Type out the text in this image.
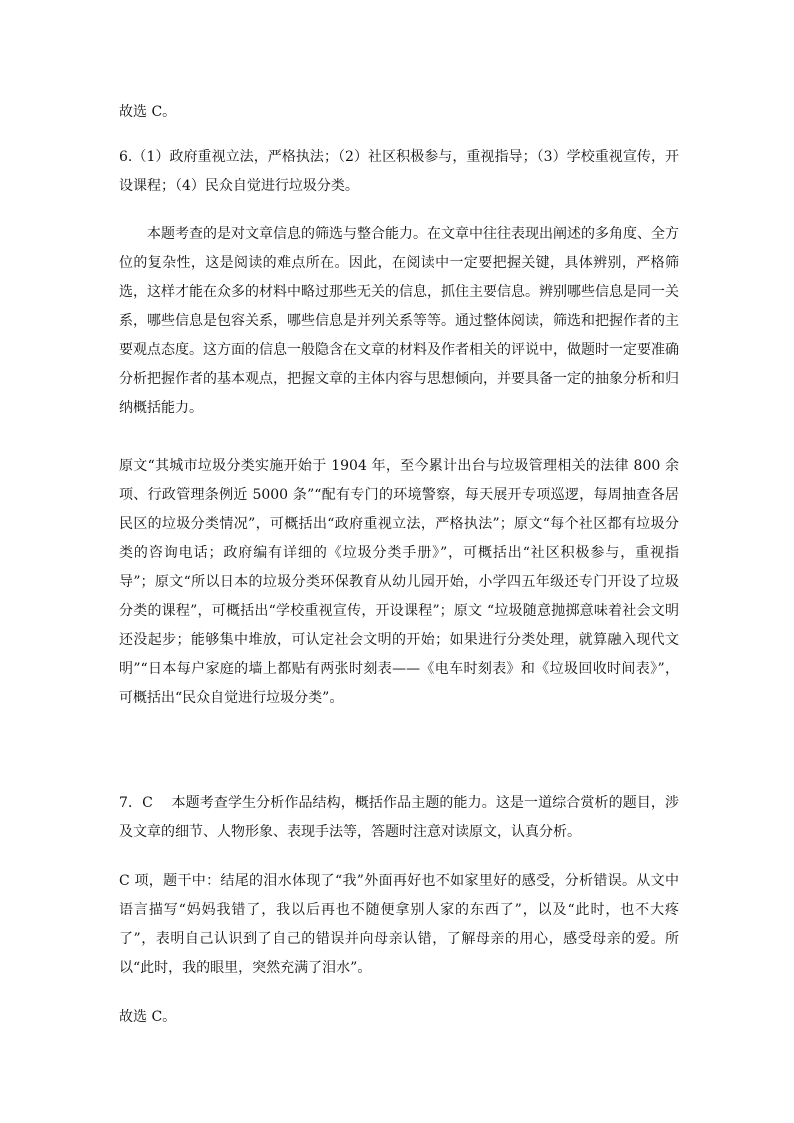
故选 C。

6.（1）政府重视立法，严格执法；（2）社区积极参与，重视指导；（3）学校重视宣传，开设课程；（4）民众自觉进行垃圾分类。

本题考查的是对文章信息的筛选与整合能力。在文章中往往表现出阐述的多角度、全方位的复杂性，这是阅读的难点所在。因此，在阅读中一定要把握关键，具体辨别，严格筛选，这样才能在众多的材料中略过那些无关的信息，抓住主要信息。辨别哪些信息是同一关系，哪些信息是包容关系，哪些信息是并列关系等等。通过整体阅读，筛选和把握作者的主要观点态度。这方面的信息一般隐含在文章的材料及作者相关的评说中，做题时一定要准确分析把握作者的基本观点，把握文章的主体内容与思想倾向，并要具备一定的抽象分析和归纳概括能力。

原文“其城市垃圾分类实施开始于 1904 年，至今累计出台与垃圾管理相关的法律 800 余项、行政管理条例近 5000 条”“配有专门的环境警察，每天展开专项巡逻，每周抽查各居民区的垃圾分类情况”，可概括出“政府重视立法，严格执法”；原文“每个社区都有垃圾分类的咨询电话；政府编有详细的《垃圾分类手册》”，可概括出“社区积极参与，重视指导”；原文“所以日本的垃圾分类环保教育从幼儿园开始，小学四五年级还专门开设了垃圾分类的课程”，可概括出“学校重视宣传，开设课程”；原文 “垃圾随意抛掷意味着社会文明还没起步；能够集中堆放，可认定社会文明的开始；如果进行分类处理，就算融入现代文明”“日本每户家庭的墙上都贴有两张时刻表——《电车时刻表》和《垃圾回收时间表》”，可概括出“民众自觉进行垃圾分类”。

7．C　 本题考查学生分析作品结构，概括作品主题的能力。这是一道综合赏析的题目，涉及文章的细节、人物形象、表现手法等，答题时注意对读原文，认真分析。

C 项，题干中：结尾的泪水体现了“我”外面再好也不如家里好的感受，分析错误。从文中语言描写“妈妈我错了，我以后再也不随便拿别人家的东西了”，以及“此时，也不大疼了”，表明自己认识到了自己的错误并向母亲认错，了解母亲的用心，感受母亲的爱。所以“此时，我的眼里，突然充满了泪水”。

故选 C。
